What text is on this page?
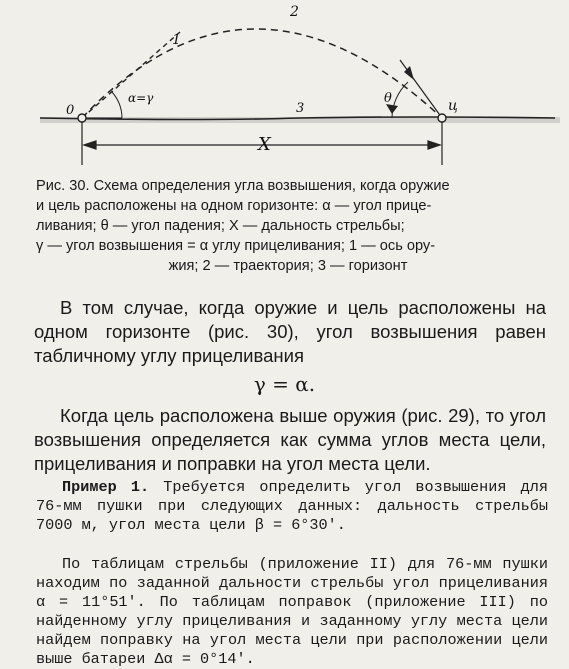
0	ц
1
2
3
α=γ	θ
X

Рис. 30. Схема определения угла возвышения, когда оружие

и цель расположены на одном горизонте: α — угол прице-

ливания; θ — угол падения; X — дальность стрельбы;

γ — угол возвышения = α углу прицеливания; 1 — ось ору-

жия; 2 — траектория; 3 — горизонт

В том случае, когда оружие и цель расположены на одном горизонте (рис. 30), угол возвышения равен табличному углу прицеливания
γ = α.
Когда цель расположена выше оружия (рис. 29), то угол возвышения определяется как сумма углов места цели, прицеливания и поправки на угол места цели.
Пример 1. Требуется определить угол возвышения для 76-мм пушки при следующих данных: дальность стрельбы 7000 м, угол места цели β = 6°30′.
По таблицам стрельбы (приложение II) для 76-мм пушки находим по заданной дальности стрельбы угол прицеливания α = 11°51′. По таблицам поправок (приложение III) по найденному углу прицеливания и заданному углу места цели найдем поправку на угол места цели при расположении цели выше батареи Δα = 0°14′.
